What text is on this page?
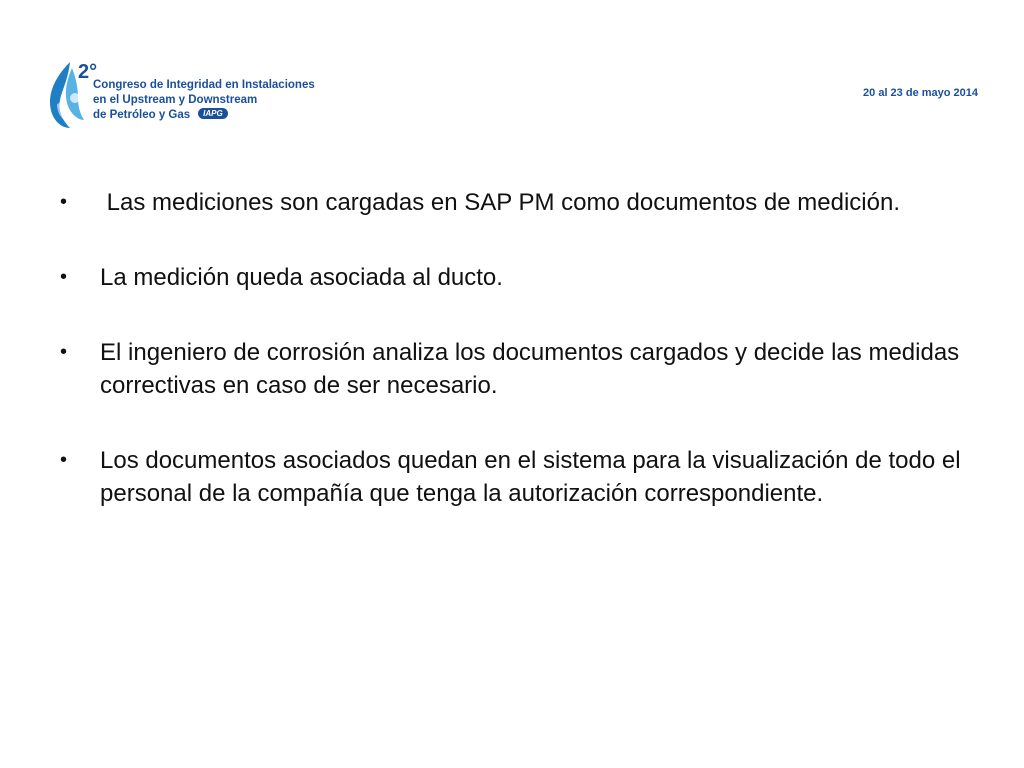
2°
Congreso de Integridad en Instalaciones
en el Upstream y Downstream
de Petróleo y Gas IAPG
20 al 23 de mayo 2014
• Las mediciones son cargadas en SAP PM como documentos de medición.
• La medición queda asociada al ducto.
• El ingeniero de corrosión analiza los documentos cargados y decide las medidas correctivas en caso de ser necesario.
• Los documentos asociados quedan en el sistema para la visualización de todo el personal de la compañía que tenga la autorización correspondiente.
